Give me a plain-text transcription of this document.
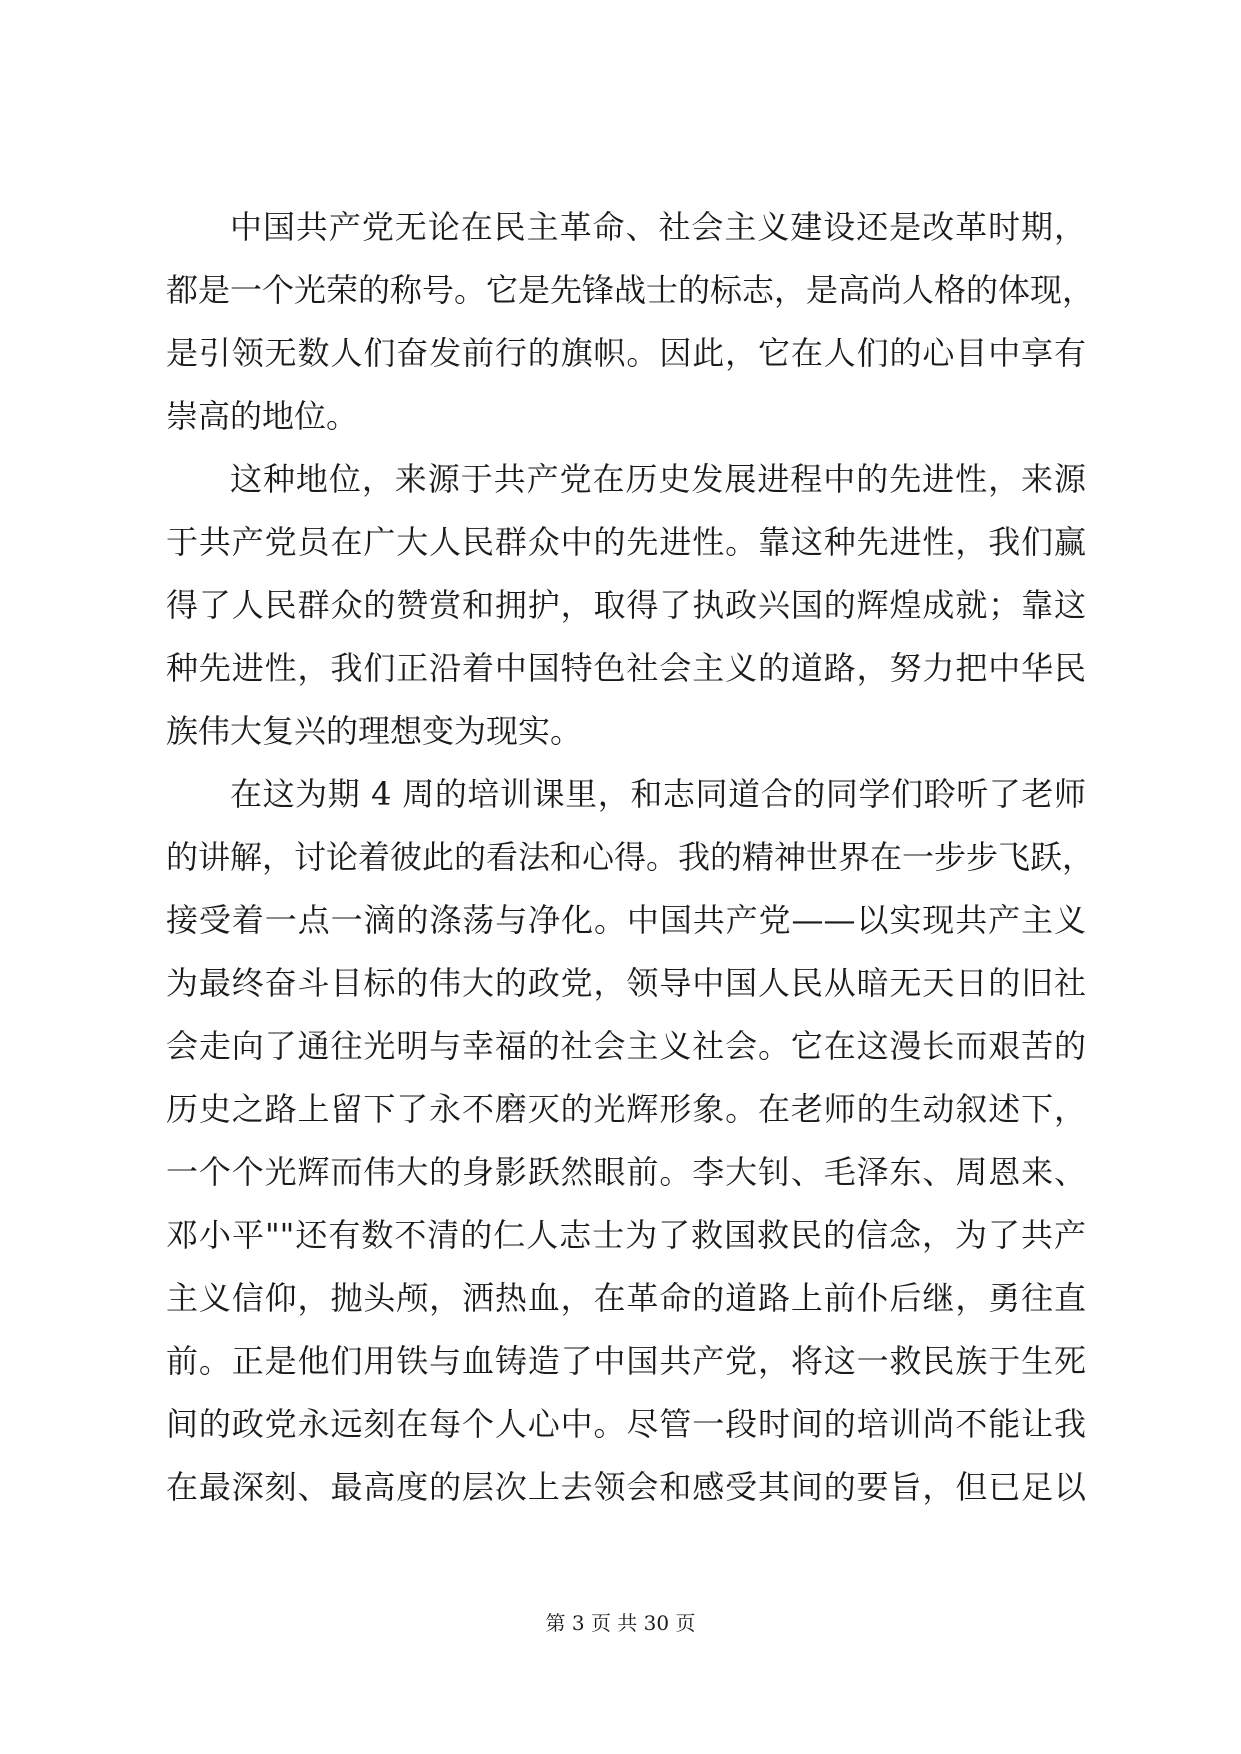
中国共产党无论在民主革命、社会主义建设还是改革时期，
都是一个光荣的称号。它是先锋战士的标志，是高尚人格的体现，
是引领无数人们奋发前行的旗帜。因此，它在人们的心目中享有
崇高的地位。
这种地位，来源于共产党在历史发展进程中的先进性，来源
于共产党员在广大人民群众中的先进性。靠这种先进性，我们赢
得了人民群众的赞赏和拥护，取得了执政兴国的辉煌成就；靠这
种先进性，我们正沿着中国特色社会主义的道路，努力把中华民
族伟大复兴的理想变为现实。
在这为期 4 周的培训课里，和志同道合的同学们聆听了老师
的讲解，讨论着彼此的看法和心得。我的精神世界在一步步飞跃，
接受着一点一滴的涤荡与净化。中国共产党——以实现共产主义
为最终奋斗目标的伟大的政党，领导中国人民从暗无天日的旧社
会走向了通往光明与幸福的社会主义社会。它在这漫长而艰苦的
历史之路上留下了永不磨灭的光辉形象。在老师的生动叙述下，
一个个光辉而伟大的身影跃然眼前。李大钊、毛泽东、周恩来、
邓小平""还有数不清的仁人志士为了救国救民的信念，为了共产
主义信仰，抛头颅，洒热血，在革命的道路上前仆后继，勇往直
前。正是他们用铁与血铸造了中国共产党，将这一救民族于生死
间的政党永远刻在每个人心中。尽管一段时间的培训尚不能让我
在最深刻、最高度的层次上去领会和感受其间的要旨，但已足以
第 3 页 共 30 页
